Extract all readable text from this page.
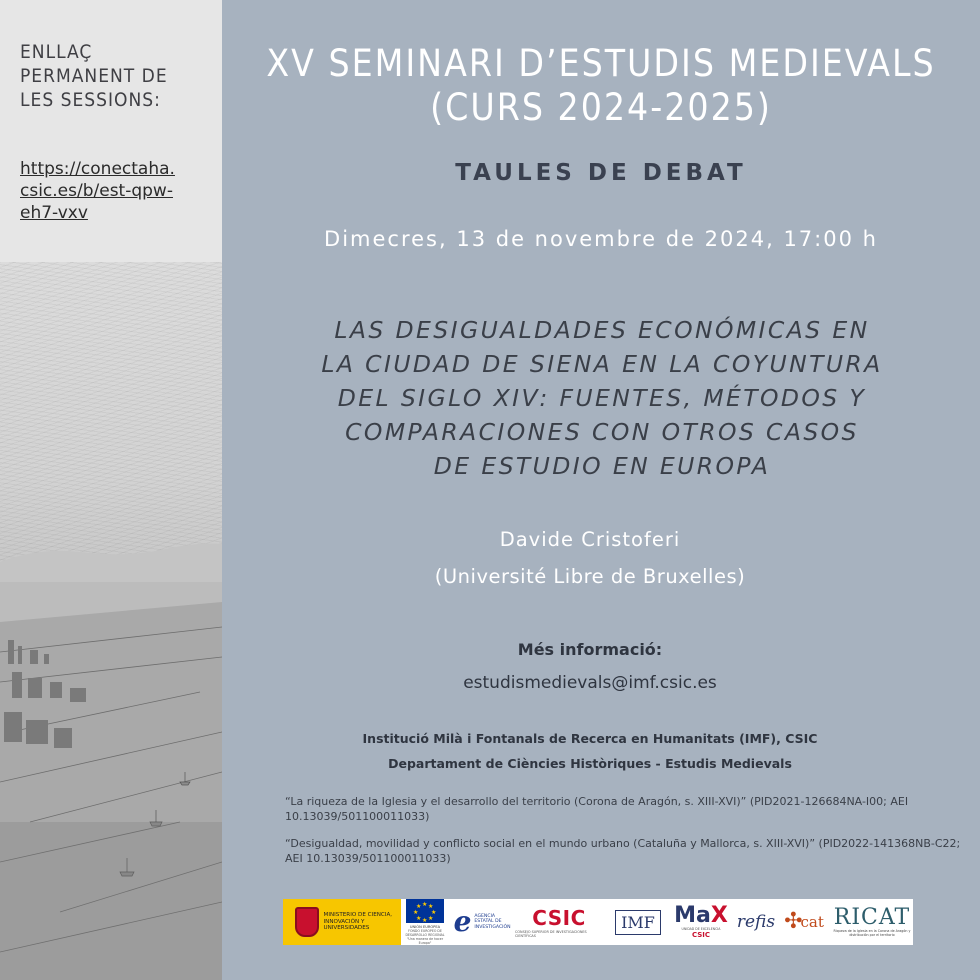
ENLLAÇ
PERMANENT DE
LES SESSIONS:
https://conectaha.
csic.es/b/est-qpw-
eh7-vxv
XV SEMINARI D’ESTUDIS MEDIEVALS
(CURS 2024-2025)
TAULES DE DEBAT
Dimecres, 13 de novembre de 2024, 17:00 h
LAS DESIGUALDADES ECONÓMICAS EN
LA CIUDAD DE SIENA EN LA COYUNTURA
DEL SIGLO XIV: FUENTES, MÉTODOS Y
COMPARACIONES CON OTROS CASOS
DE ESTUDIO EN EUROPA
Davide Cristoferi
(Université Libre de Bruxelles)
Més informació:
estudismedievals@imf.csic.es
Institució Milà i Fontanals de Recerca en Humanitats (IMF), CSIC
Departament de Ciències Històriques - Estudis Medievals
“La riqueza de la Iglesia y el desarrollo del territorio (Corona de Aragón, s. XIII-XVI)” (PID2021-126684NA-I00; AEI 10.13039/501100011033)
“Desigualdad, movilidad y conflicto social en el mundo urbano (Cataluña y Mallorca, s. XIII-XVI)” (PID2022-141368NB-C22; AEI 10.13039/501100011033)
MINISTERIO DE CIENCIA, INNOVACIÓN Y UNIVERSIDADES
★ ★
★
★
★
★
★
★
UNIÓN EUROPEA
FONDO EUROPEO DE DESARROLLO REGIONAL
"Una manera de hacer Europa"
e AGENCIA ESTATAL DE INVESTIGACIÓN CSIC
CONSEJO SUPERIOR DE INVESTIGACIONES CIENTÍFICAS
IMF MaX
UNIDAD DE EXCELENCIA
CSIC
refis ✣
cat RICAT
Riqueza de la Iglesia en la Corona de Aragón y distribución por el territorio
